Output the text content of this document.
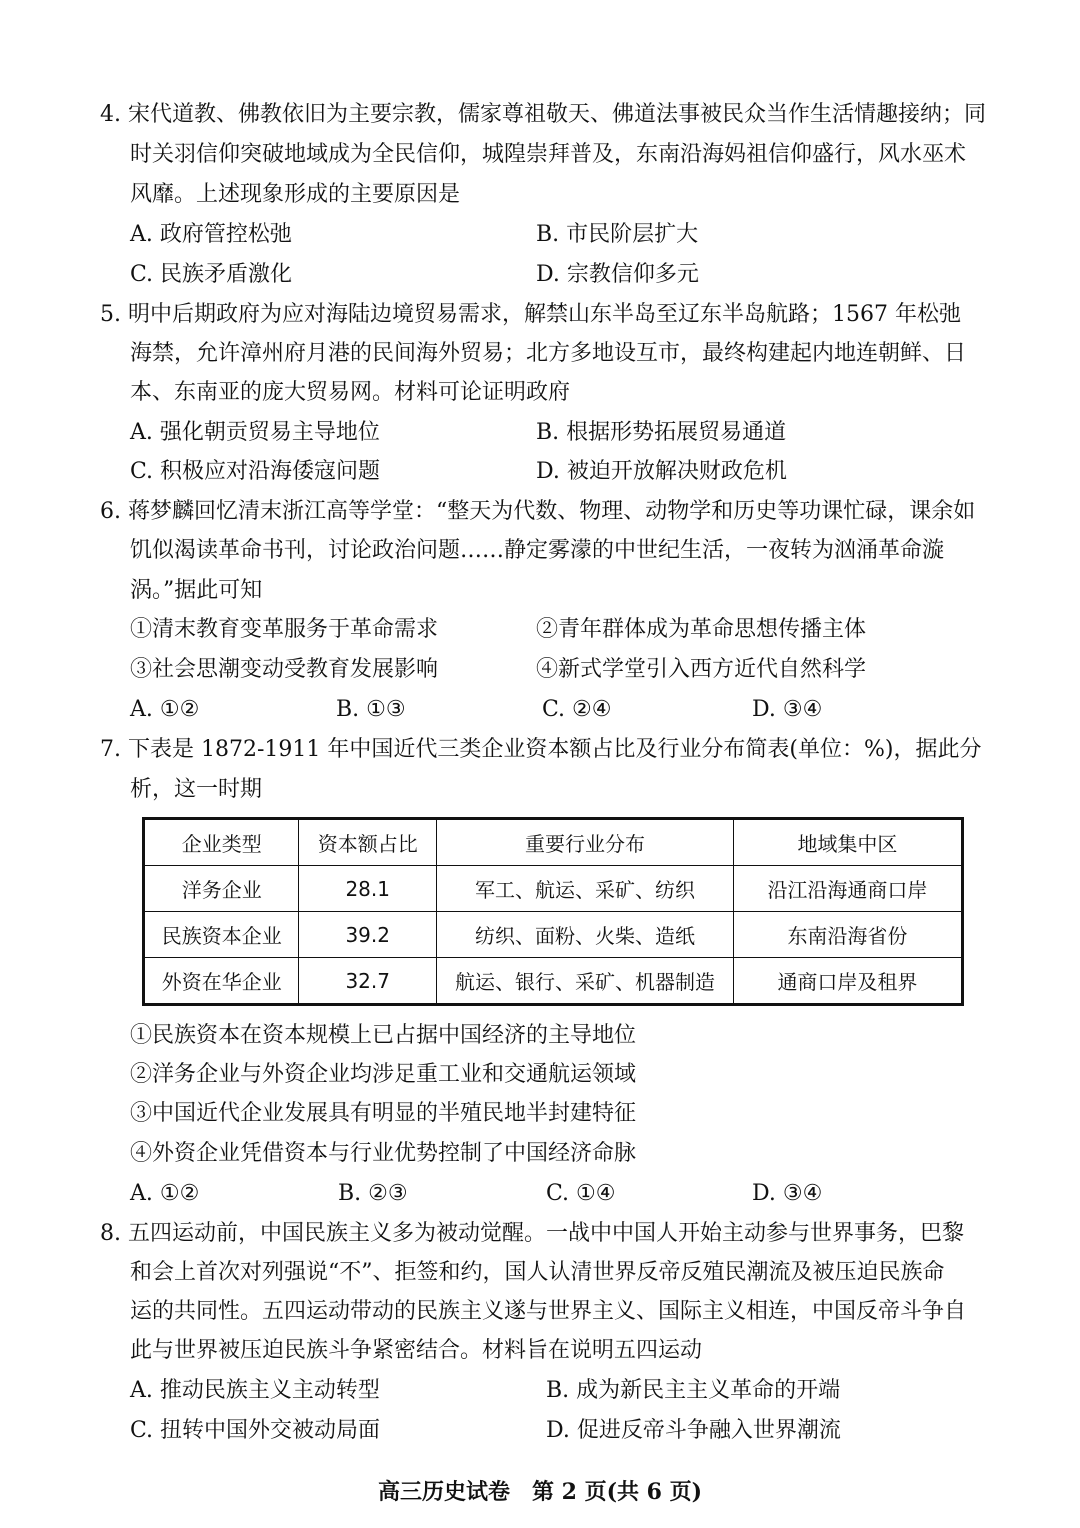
4. 宋代道教、佛教依旧为主要宗教，儒家尊祖敬天、佛道法事被民众当作生活情趣接纳；同
时关羽信仰突破地域成为全民信仰，城隍崇拜普及，东南沿海妈祖信仰盛行，风水巫术
风靡。上述现象形成的主要原因是
A. 政府管控松弛	B. 市民阶层扩大
C. 民族矛盾激化	D. 宗教信仰多元
5. 明中后期政府为应对海陆边境贸易需求，解禁山东半岛至辽东半岛航路；1567 年松弛
海禁，允许漳州府月港的民间海外贸易；北方多地设互市，最终构建起内地连朝鲜、日
本、东南亚的庞大贸易网。材料可论证明政府
A. 强化朝贡贸易主导地位	B. 根据形势拓展贸易通道
C. 积极应对沿海倭寇问题	D. 被迫开放解决财政危机
6. 蒋梦麟回忆清末浙江高等学堂：“整天为代数、物理、动物学和历史等功课忙碌，课余如
饥似渴读革命书刊，讨论政治问题……静定雾濛的中世纪生活，一夜转为汹涌革命漩
涡。”据此可知
①清末教育变革服务于革命需求	②青年群体成为革命思想传播主体
③社会思潮变动受教育发展影响	④新式学堂引入西方近代自然科学
A. ①②	B. ①③	C. ②④	D. ③④
7. 下表是 1872-1911 年中国近代三类企业资本额占比及行业分布简表(单位：%)，据此分
析，这一时期
企业类型	资本额占比	重要行业分布	地域集中区
洋务企业	28.1	军工、航运、采矿、纺织	沿江沿海通商口岸
民族资本企业	39.2	纺织、面粉、火柴、造纸	东南沿海省份
外资在华企业	32.7	航运、银行、采矿、机器制造	通商口岸及租界
①民族资本在资本规模上已占据中国经济的主导地位
②洋务企业与外资企业均涉足重工业和交通航运领域
③中国近代企业发展具有明显的半殖民地半封建特征
④外资企业凭借资本与行业优势控制了中国经济命脉
A. ①②	B. ②③	C. ①④	D. ③④
8. 五四运动前，中国民族主义多为被动觉醒。一战中中国人开始主动参与世界事务，巴黎
和会上首次对列强说“不”、拒签和约，国人认清世界反帝反殖民潮流及被压迫民族命
运的共同性。五四运动带动的民族主义遂与世界主义、国际主义相连，中国反帝斗争自
此与世界被压迫民族斗争紧密结合。材料旨在说明五四运动
A. 推动民族主义主动转型	B. 成为新民主主义革命的开端
C. 扭转中国外交被动局面	D. 促进反帝斗争融入世界潮流
高三历史试卷　第 2 页(共 6 页)
